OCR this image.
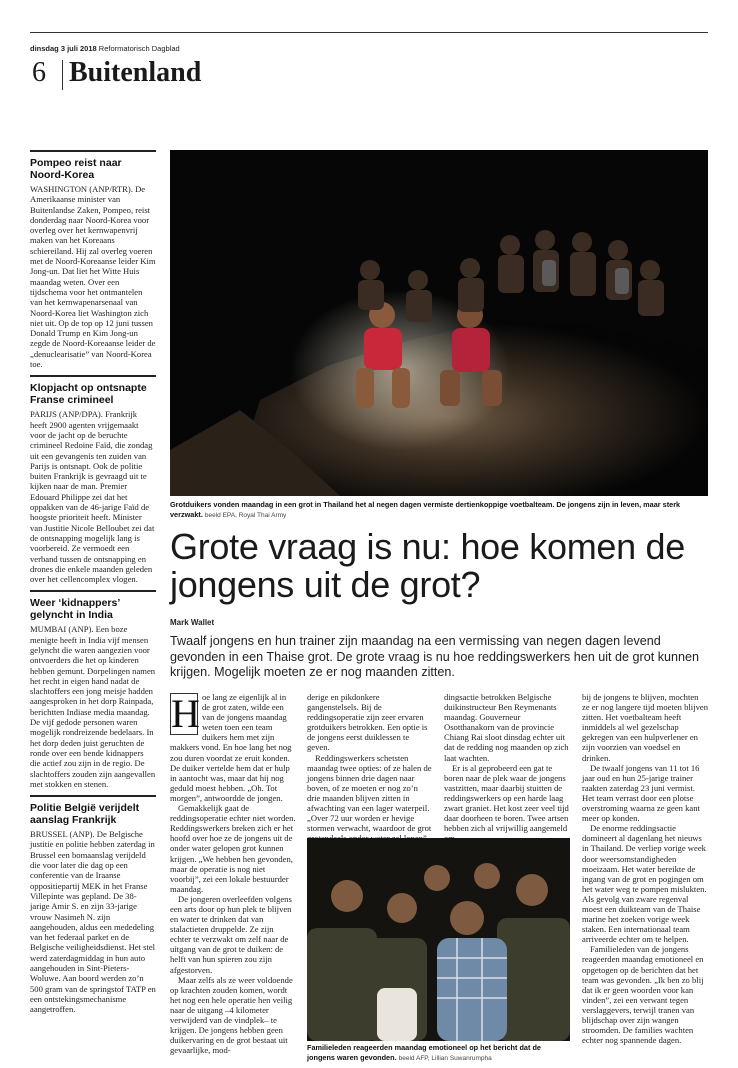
dinsdag 3 juli 2018 Reformatorisch Dagblad
6 Buitenland
Pompeo reist naar Noord-Korea

WASHINGTON (ANP/RTR). De Amerikaanse minister van Buitenlandse Zaken, Pompeo, reist donderdag naar Noord-Korea voor overleg over het kernwapenvrij maken van het Koreaans schiereiland. Hij zal overleg voeren met de Noord-Koreaanse leider Kim Jong-un. Dat liet het Witte Huis maandag weten. Over een tijdschema voor het ontmantelen van het kernwapenarsenaal van Noord-Korea liet Washington zich niet uit. Op de top op 12 juni tussen Donald Trump en Kim Jong-un zegde de Noord-Koreaanse leider de „denuclearisatie” van Noord-Korea toe.

Klopjacht op ontsnapte Franse crimineel

PARIJS (ANP/DPA). Frankrijk heeft 2900 agenten vrijgemaakt voor de jacht op de beruchte crimineel Redoine Faïd, die zondag uit een gevangenis ten zuiden van Parijs is ontsnapt. Ook de politie buiten Frankrijk is gevraagd uit te kijken naar de man. Premier Edouard Philippe zei dat het oppakken van de 46-jarige Faïd de hoogste prioriteit heeft. Minister van Justitie Nicole Belloubet zei dat de ontsnapping mogelijk lang is voorbereid. Ze vermoedt een verband tussen de ontsnapping en drones die enkele maanden geleden over het cellencomplex vlogen.

Weer ‘kidnappers’ gelyncht in India

MUMBAI (ANP). Een boze menigte heeft in India vijf mensen gelyncht die waren aangezien voor ontvoerders die het op kinderen hebben gemunt. Dorpelingen namen het recht in eigen hand nadat de slachtoffers een jong meisje hadden aangesproken in het dorp Rainpada, berichtten Indiase media maandag. De vijf gedode personen waren mogelijk rondreizende bedelaars. In het dorp deden juist geruchten de ronde over een bende kidnappers die actief zou zijn in de regio. De slachtoffers zouden zijn aangevallen met stokken en stenen.

Politie België verijdelt aanslag Frankrijk

BRUSSEL (ANP). De Belgische justitie en politie hebben zaterdag in Brussel een bomaanslag verijdeld die voor later die dag op een conferentie van de Iraanse oppositiepartij MEK in het Franse Villepinte was gepland. De 38-jarige Amir S. en zijn 33-jarige vrouw Nasimeh N. zijn aangehouden, aldus een mededeling van het federaal parket en de Belgische veiligheidsdienst. Het stel werd zaterdagmiddag in hun auto aangehouden in Sint-Pieters-Woluwe. Aan boord werden zo’n 500 gram van de springstof TATP en een ontstekingsmechanisme aangetroffen.

Grotduikers vonden maandag in een grot in Thailand het al negen dagen vermiste dertienkoppige voetbalteam. De jongens zijn in leven, maar sterk verzwakt. beeld EPA, Royal Thai Army
Grote vraag is nu: hoe komen de jongens uit de grot?
Mark Wallet
Twaalf jongens en hun trainer zijn maandag na een vermissing van negen dagen levend gevonden in een Thaise grot. De grote vraag is nu hoe reddingswerkers hen uit de grot kunnen krijgen. Mogelijk moeten ze er nog maanden zitten.
H oe lang ze eigenlijk al in de grot zaten, wilde een van de jongens maandag weten toen een team duikers hem met zijn makkers vond. En hoe lang het nog zou duren voordat ze eruit konden. De duiker vertelde hem dat er hulp in aantocht was, maar dat hij nog geduld moest hebben. „Oh. Tot morgen”, antwoordde de jongen.

Gemakkelijk gaat de reddingsoperatie echter niet worden. Reddingswerkers breken zich er het hoofd over hoe ze de jongens uit de onder water gelopen grot kunnen krijgen. „We hebben hen gevonden, maar de operatie is nog niet voorbij”, zei een lokale bestuurder maandag.

De jongeren overleefden volgens een arts door op hun plek te blijven en water te drinken dat van stalactieten druppelde. Ze zijn echter te verzwakt om zelf naar de uitgang van de grot te duiken: de helft van hun spieren zou zijn afgestorven.

Maar zelfs als ze weer voldoende op krachten zouden komen, wordt het nog een hele operatie hen veilig naar de uitgang –4 kilometer verwijderd van de vindplek– te krijgen. De jongens hebben geen duikervaring en de grot bestaat uit gevaarlijke, mod-

derige en pikdonkere gangenstelsels. Bij de reddingsoperatie zijn zeer ervaren grotduikers betrokken. Een optie is de jongens eerst duiklessen te geven.

Reddingswerkers schetsten maandag twee opties: of ze halen de jongens binnen drie dagen naar boven, of ze moeten er nog zo’n drie maanden blijven zitten in afwachting van een lager waterpeil. „Over 72 uur worden er hevige stormen verwacht, waardoor de grot

dingsactie betrokken Belgische duikinstructeur Ben Reymenants maandag. Gouverneur Osotthanakorn van de provincie Chiang Rai sloot dinsdag echter uit dat de redding nog maanden op zich laat wachten.

Er is al geprobeerd een gat te boren naar de plek waar de jongens vastzitten, maar daarbij stuitten de reddingswerkers op een harde laag zwart graniet. Het kost zeer veel tijd daar doorheen te boren. Twee artsen hebben zich al vrijwillig aangemeld

bij de jongens te blijven, mochten ze er nog langere tijd moeten blijven zitten. Het voetbalteam heeft inmiddels al wel gezelschap gekregen van een hulpverlener en zijn voorzien van voedsel en drinken.

De twaalf jongens van 11 tot 16 jaar oud en hun 25-jarige trainer raakten zaterdag 23 juni vermist. Het team verrast door een plotse overstroming waarna ze geen kant meer op konden.

De enorme reddingsactie domineert al dagenlang het nieuws in Thailand. De verliep vorige week door weersomstandigheden moeizaam. Het water bereikte de ingang van de grot en pogingen om het water weg te pompen mislukten. Als gevolg van zware regenval moest een duikteam van de Thaise marine het zoeken vorige week staken. Een internationaal team arriveerde echter om te helpen.

Familieleden van de jongens reageerden maandag emotioneel en opgetogen op de berichten dat het team was gevonden. „Ik ben zo blij dat ik er geen woorden voor kan vinden”, zei een verwant tegen verslaggevers, terwijl tranen van blijdschap over zijn wangen stroomden. De families wachten echter nog spannende dagen.

Familieleden reageerden maandag emotioneel op het bericht dat de jongens waren gevonden. beeld AFP, Lillian Suwanrumpha
